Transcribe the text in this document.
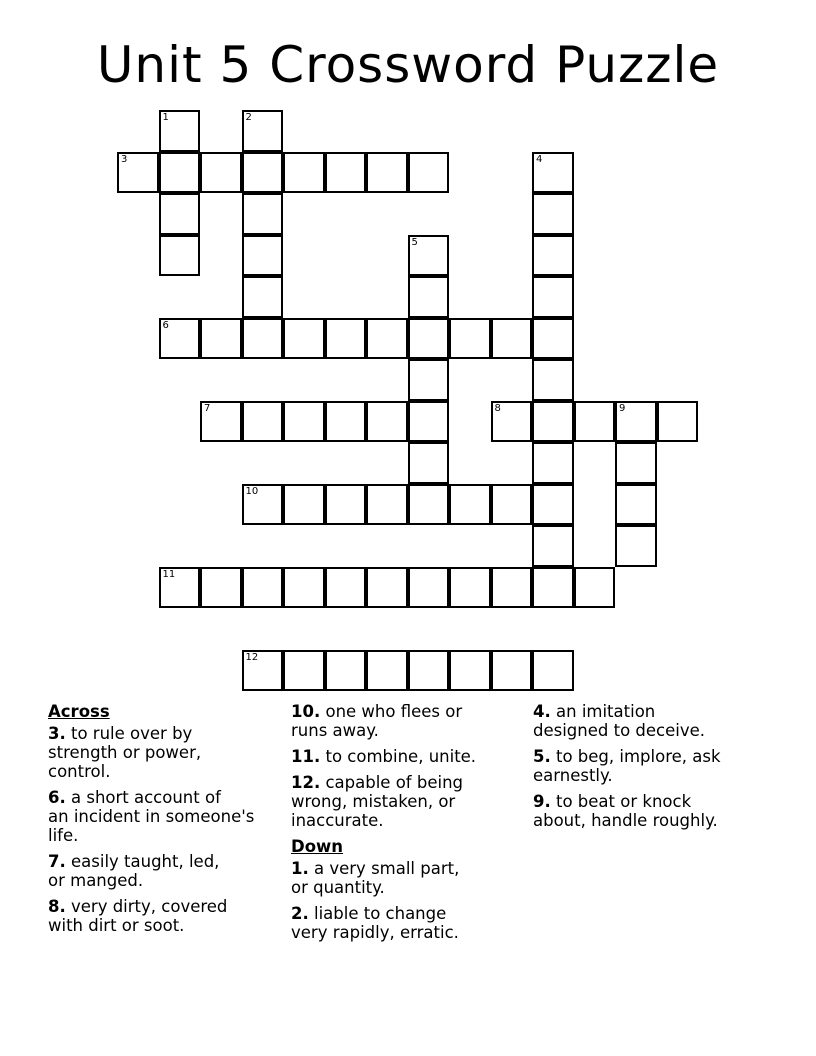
Unit 5 Crossword Puzzle
1	2
3	4
5
6
7	8	9
10
11
12
Across
3. to rule over by
strength or power,
control.
6. a short account of
an incident in someone's
life.
7. easily taught, led,
or manged.
8. very dirty, covered
with dirt or soot.
10. one who flees or
runs away.
11. to combine, unite.
12. capable of being
wrong, mistaken, or
inaccurate.
Down
1. a very small part,
or quantity.
2. liable to change
very rapidly, erratic.
4. an imitation
designed to deceive.
5. to beg, implore, ask
earnestly.
9. to beat or knock
about, handle roughly.
